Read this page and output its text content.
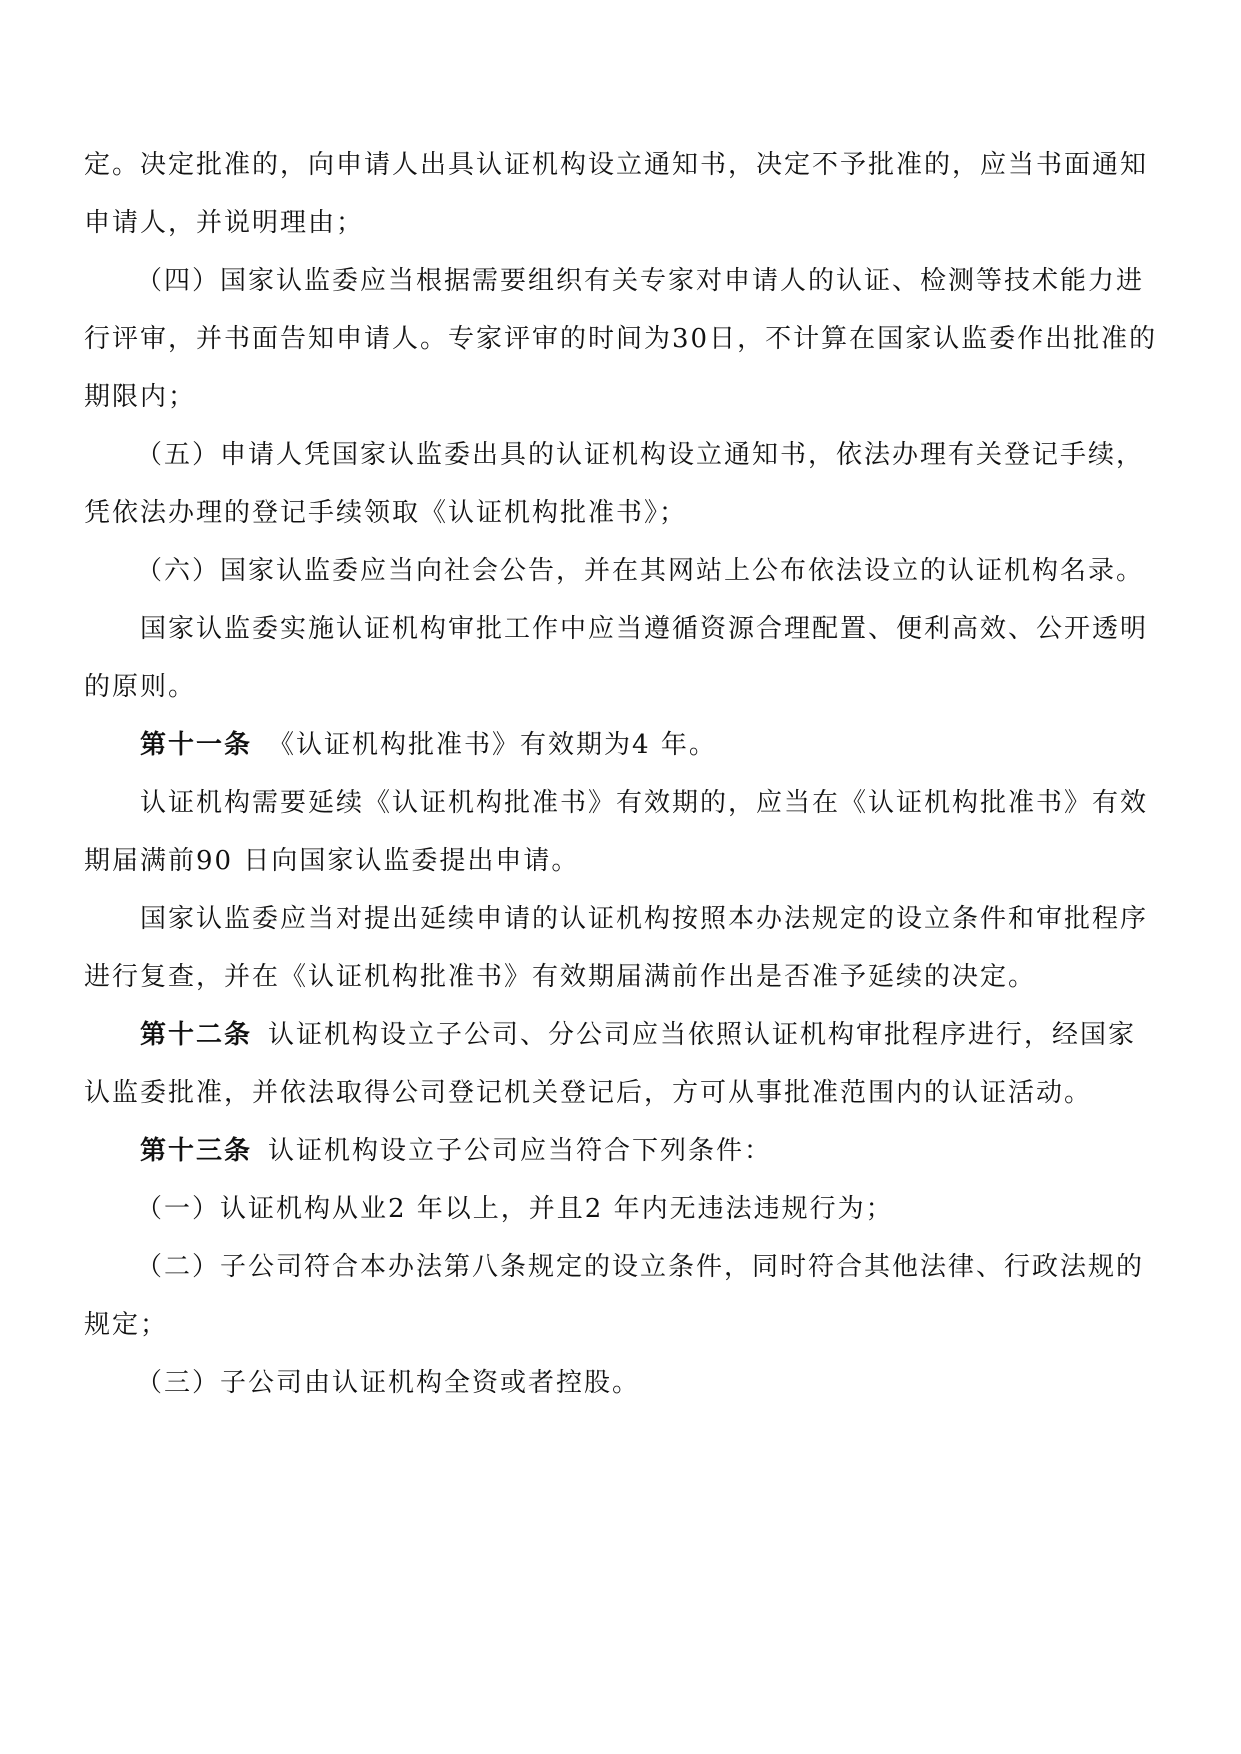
定。决定批准的，向申请人出具认证机构设立通知书，决定不予批准的，应当书面通知
申请人，并说明理由；
（四）国家认监委应当根据需要组织有关专家对申请人的认证、检测等技术能力进
行评审，并书面告知申请人。专家评审的时间为30日，不计算在国家认监委作出批准的
期限内；
（五）申请人凭国家认监委出具的认证机构设立通知书，依法办理有关登记手续，
凭依法办理的登记手续领取《认证机构批准书》；
（六）国家认监委应当向社会公告，并在其网站上公布依法设立的认证机构名录。
国家认监委实施认证机构审批工作中应当遵循资源合理配置、便利高效、公开透明
的原则。
第十一条 《认证机构批准书》有效期为4 年。
认证机构需要延续《认证机构批准书》有效期的，应当在《认证机构批准书》有效
期届满前90 日向国家认监委提出申请。
国家认监委应当对提出延续申请的认证机构按照本办法规定的设立条件和审批程序
进行复查，并在《认证机构批准书》有效期届满前作出是否准予延续的决定。
第十二条 认证机构设立子公司、分公司应当依照认证机构审批程序进行，经国家
认监委批准，并依法取得公司登记机关登记后，方可从事批准范围内的认证活动。
第十三条 认证机构设立子公司应当符合下列条件：
（一）认证机构从业2 年以上，并且2 年内无违法违规行为；
（二）子公司符合本办法第八条规定的设立条件，同时符合其他法律、行政法规的
规定；
（三）子公司由认证机构全资或者控股。
